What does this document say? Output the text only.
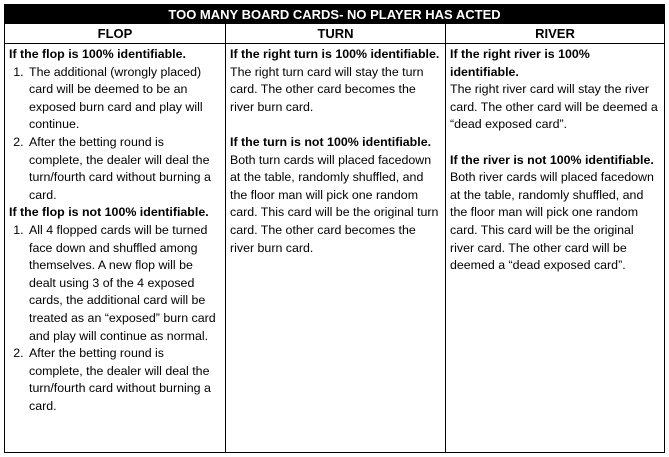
TOO MANY BOARD CARDS- NO PLAYER HAS ACTED
FLOP	TURN	RIVER
If the flop is 100% identifiable.
1. The additional (wrongly placed) card will be deemed to be an exposed burn card and play will continue.
2. After the betting round is complete, the dealer will deal the turn/fourth card without burning a card.
If the flop is not 100% identifiable.
1. All 4 flopped cards will be turned face down and shuffled among themselves. A new flop will be dealt using 3 of the 4 exposed cards, the additional card will be treated as an “exposed” burn card and play will continue as normal.
2. After the betting round is complete, the dealer will deal the turn/fourth card without burning a card.
If the right turn is 100% identifiable.
The right turn card will stay the turn card. The other card becomes the river burn card.
If the turn is not 100% identifiable.
Both turn cards will placed facedown at the table, randomly shuffled, and the floor man will pick one random card. This card will be the original turn card. The other card becomes the river burn card.
If the right river is 100% identifiable.
The right river card will stay the river card. The other card will be deemed a “dead exposed card”.
If the river is not 100% identifiable.
Both river cards will placed facedown at the table, randomly shuffled, and the floor man will pick one random card. This card will be the original river card. The other card will be deemed a “dead exposed card”.
